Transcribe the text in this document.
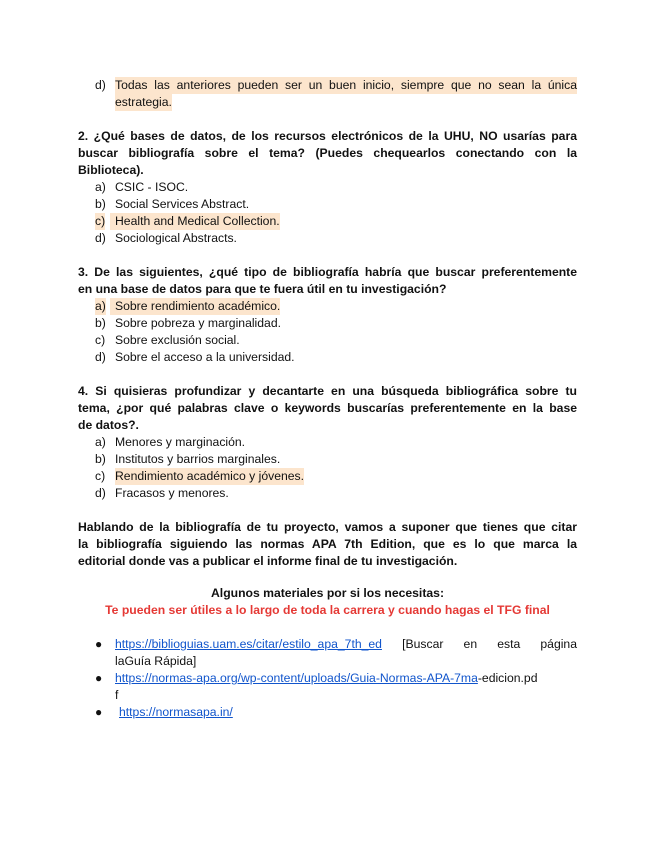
d) Todas las anteriores pueden ser un buen inicio, siempre que no sean la única
estrategia.
2. ¿Qué bases de datos, de los recursos electrónicos de la UHU, NO usarías para
buscar bibliografía sobre el tema? (Puedes chequearlos conectando con la
Biblioteca).
a) CSIC - ISOC.
b) Social Services Abstract.
c) Health and Medical Collection.
d) Sociological Abstracts.
3. De las siguientes, ¿qué tipo de bibliografía habría que buscar preferentemente
en una base de datos para que te fuera útil en tu investigación?
a) Sobre rendimiento académico.
b) Sobre pobreza y marginalidad.
c) Sobre exclusión social.
d) Sobre el acceso a la universidad.
4. Si quisieras profundizar y decantarte en una búsqueda bibliográfica sobre tu
tema, ¿por qué palabras clave o keywords buscarías preferentemente en la base
de datos?.
a) Menores y marginación.
b) Institutos y barrios marginales.
c) Rendimiento académico y jóvenes.
d) Fracasos y menores.
Hablando de la bibliografía de tu proyecto, vamos a suponer que tienes que citar
la bibliografía siguiendo las normas APA 7th Edition, que es lo que marca la
editorial donde vas a publicar el informe final de tu investigación.
Algunos materiales por si los necesitas:
Te pueden ser útiles a lo largo de toda la carrera y cuando hagas el TFG final
● https://biblioguias.uam.es/citar/estilo_apa_7th_ed [Buscar en esta página
laGuía Rápida]
● https://normas-apa.org/wp-content/uploads/Guia-Normas-APA-7ma-edicion.pd
f
● https://normasapa.in/
